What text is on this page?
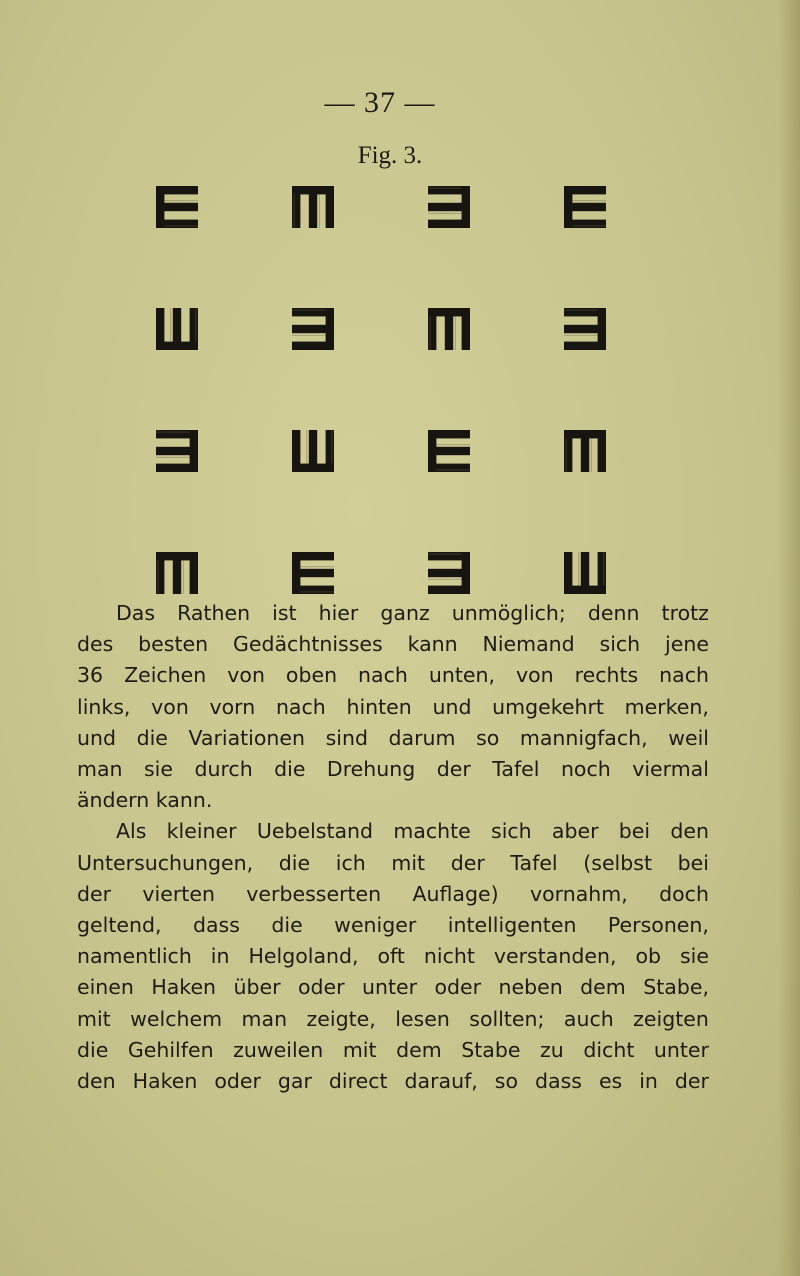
— 37 —
Fig. 3.
Das Rathen ist hier ganz unmöglich; denn trotz
des besten Gedächtnisses kann Niemand sich jene
36 Zeichen von oben nach unten, von rechts nach
links, von vorn nach hinten und umgekehrt merken,
und die Variationen sind darum so mannigfach, weil
man sie durch die Drehung der Tafel noch viermal
ändern kann.
Als kleiner Uebelstand machte sich aber bei den
Untersuchungen, die ich mit der Tafel (selbst bei
der vierten verbesserten Auflage) vornahm, doch
geltend, dass die weniger intelligenten Personen,
namentlich in Helgoland, oft nicht verstanden, ob sie
einen Haken über oder unter oder neben dem Stabe,
mit welchem man zeigte, lesen sollten; auch zeigten
die Gehilfen zuweilen mit dem Stabe zu dicht unter
den Haken oder gar direct darauf, so dass es in der
